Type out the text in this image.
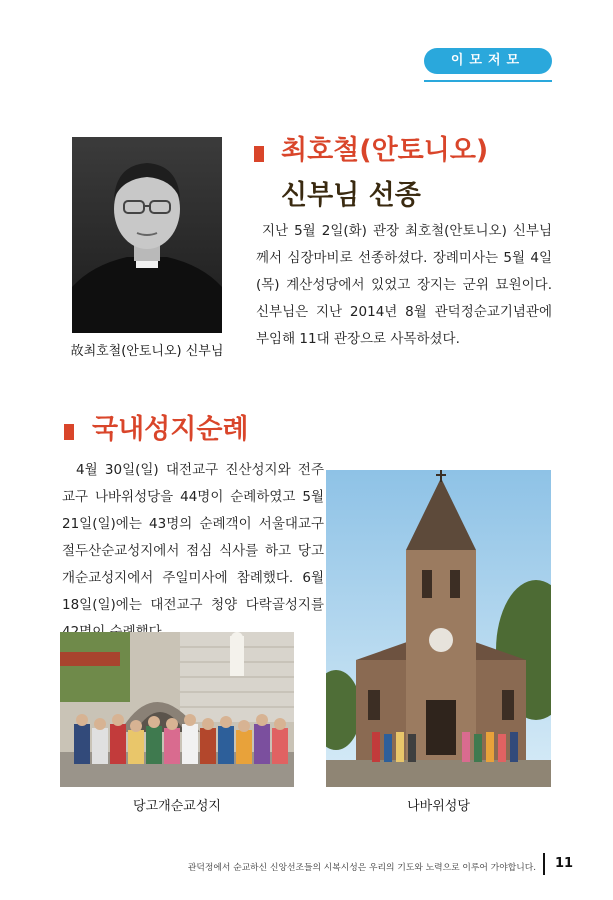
이모저모
故최호철(안토니오) 신부님
최호철(안토니오)
신부님 선종
지난 5월 2일(화) 관장 최호철(안토니오) 신부님께서 심장마비로 선종하셨다. 장례미사는 5월 4일(목) 계산성당에서 있었고 장지는 군위 묘원이다. 신부님은 지난 2014년 8월 관덕정순교기념관에 부임해 11대 관장으로 사목하셨다.
국내성지순례
4월 30일(일) 대전교구 진산성지와 전주교구 나바위성당을 44명이 순례하였고 5월 21일(일)에는 43명의 순례객이 서울대교구 절두산순교성지에서 점심 식사를 하고 당고개순교성지에서 주일미사에 참례했다. 6월 18일(일)에는 대전교구 청양 다락골성지를
당고개순교성지	나바위성당
관덕정에서 순교하신 신앙선조들의 시복시성은 우리의 기도와 노력으로 이루어 가야합니다. 11
